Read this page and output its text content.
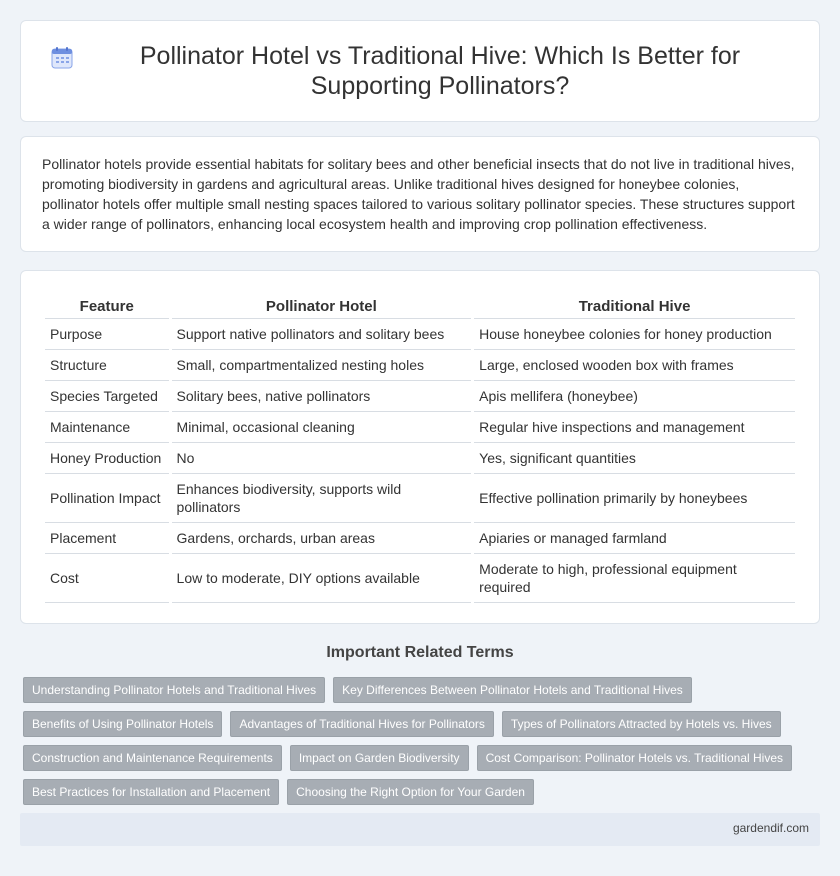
Pollinator Hotel vs Traditional Hive: Which Is Better for Supporting Pollinators?

Pollinator hotels provide essential habitats for solitary bees and other beneficial insects that do not live in traditional hives, promoting biodiversity in gardens and agricultural areas. Unlike traditional hives designed for honeybee colonies, pollinator hotels offer multiple small nesting spaces tailored to various solitary pollinator species. These structures support a wider range of pollinators, enhancing local ecosystem health and improving crop pollination effectiveness.

Feature	Pollinator Hotel	Traditional Hive
Purpose	Support native pollinators and solitary bees	House honeybee colonies for honey production
Structure	Small, compartmentalized nesting holes	Large, enclosed wooden box with frames
Species Targeted	Solitary bees, native pollinators	Apis mellifera (honeybee)
Maintenance	Minimal, occasional cleaning	Regular hive inspections and management
Honey Production	No	Yes, significant quantities
Pollination Impact	Enhances biodiversity, supports wild pollinators	Effective pollination primarily by honeybees
Placement	Gardens, orchards, urban areas	Apiaries or managed farmland
Cost	Low to moderate, DIY options available	Moderate to high, professional equipment required
Important Related Terms
Understanding Pollinator Hotels and Traditional Hives	Key Differences Between Pollinator Hotels and Traditional Hives
Benefits of Using Pollinator Hotels	Advantages of Traditional Hives for Pollinators	Types of Pollinators Attracted by Hotels vs. Hives
Construction and Maintenance Requirements	Impact on Garden Biodiversity	Cost Comparison: Pollinator Hotels vs. Traditional Hives
Best Practices for Installation and Placement	Choosing the Right Option for Your Garden
gardendif.com
